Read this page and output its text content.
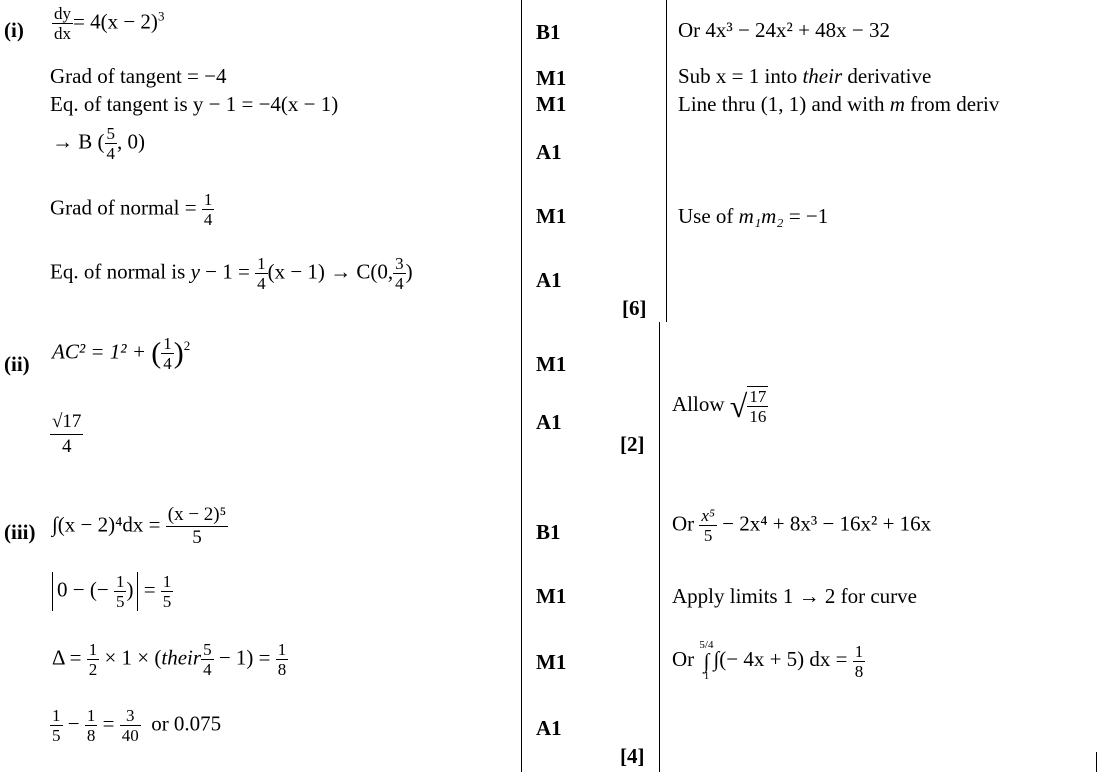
$(i) \frac{dy}{dx} = 4(x - 2)^3$
Grad of tangent = −4
Eq. of tangent is y − 1 = −4(x − 1)
→ B ( $\frac{5}{4}$ , 0)
Grad of normal = $\frac{1}{4}$
Eq. of normal is $y - 1 = \frac{1}{4} (x - 1) \to C(0$, $\frac{3}{4}$ )
B1
M1
M1
A1
M1
A1
[6]
Or 4x³ − 24x² + 48x − 32
Sub x = 1 into their derivative
Line thru (1, 1) and with m from deriv
Use of m₁m₂ = −1
(ii)
AC² = 1² + ( $\frac{1}{4} )^2$
$\frac{√17}{4}$
M1
A1
[2]
Allow √ $\frac{17}{16}$
(iii) $\int(x - 2)^4dx = \frac{\text{(x − 2)⁵}}{5}$
0 − (− $\frac{1}{5}$ ) = $\frac{1}{5}$
$\Delta = \frac{1}{2} \times 1$ × (their $\frac{5}{4} - 1) = \frac{1}{8}$
$\frac{1}{5} - \frac{1}{8} = \frac{3}{40}$ or 0.075
B1
M1
M1
A1
[4]
Or $\frac{\text{x⁵}}{5} - 2x^4 + 8x^3 - 16x^2 + 16x$
Apply limits 1 → 2 for curve
Or
5/4
∫
1
∫(− 4x + 5) dx = $\frac{1}{8}$
